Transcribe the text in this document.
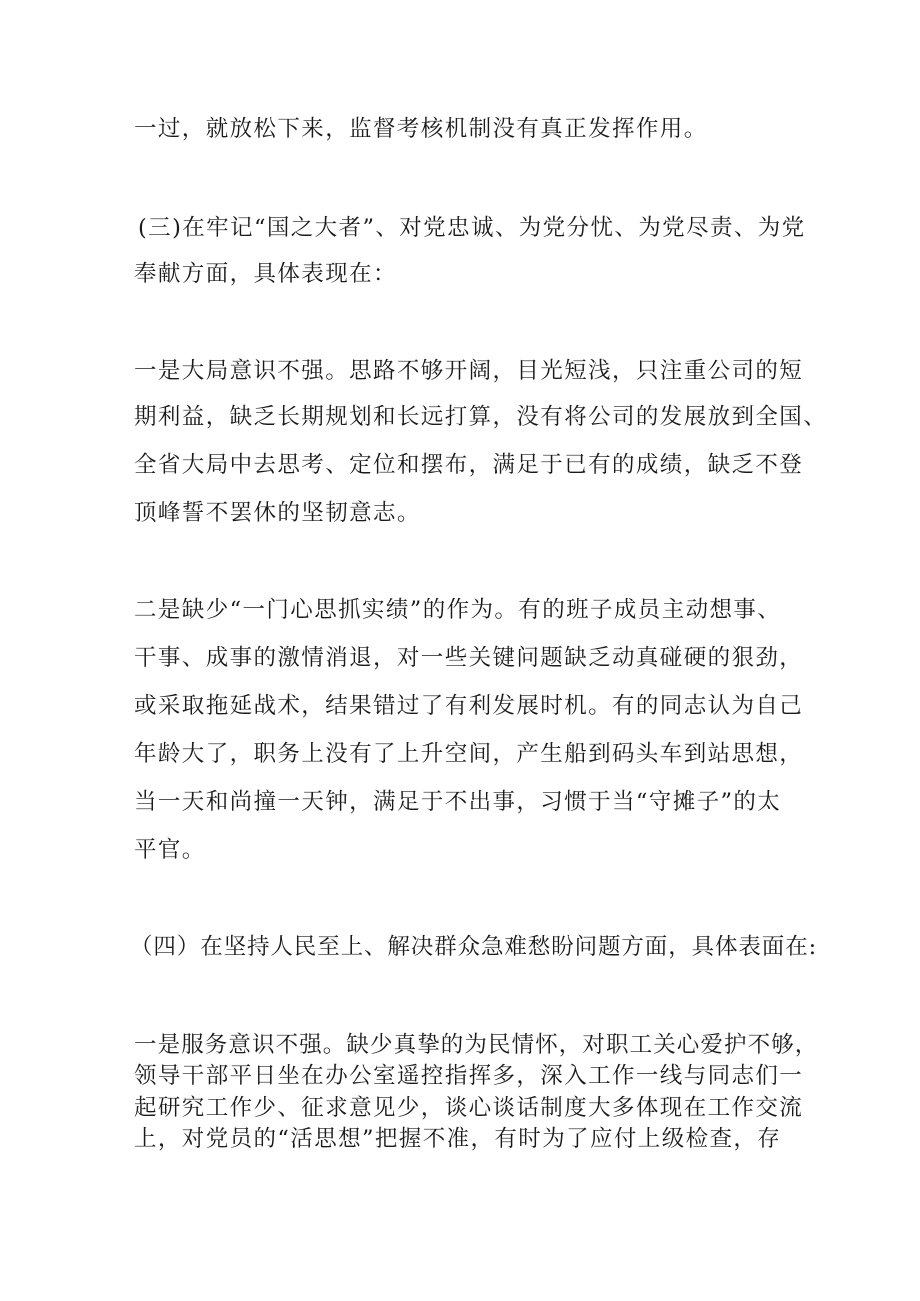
一过，就放松下来，监督考核机制没有真正发挥作用。
(三)在牢记“国之大者”、对党忠诚、为党分忧、为党尽责、为党
奉献方面，具体表现在：
一是大局意识不强。思路不够开阔，目光短浅，只注重公司的短
期利益，缺乏长期规划和长远打算，没有将公司的发展放到全国、
全省大局中去思考、定位和摆布，满足于已有的成绩，缺乏不登
顶峰誓不罢休的坚韧意志。
二是缺少“一门心思抓实绩”的作为。有的班子成员主动想事、
干事、成事的激情消退，对一些关键问题缺乏动真碰硬的狠劲，
或采取拖延战术，结果错过了有利发展时机。有的同志认为自己
年龄大了，职务上没有了上升空间，产生船到码头车到站思想，
当一天和尚撞一天钟，满足于不出事，习惯于当“守摊子”的太
平官。
（四）在坚持人民至上、解决群众急难愁盼问题方面，具体表面在:
一是服务意识不强。缺少真挚的为民情怀，对职工关心爱护不够，
领导干部平日坐在办公室遥控指挥多，深入工作一线与同志们一
起研究工作少、征求意见少，谈心谈话制度大多体现在工作交流
上，对党员的“活思想”把握不准，有时为了应付上级检查，存
